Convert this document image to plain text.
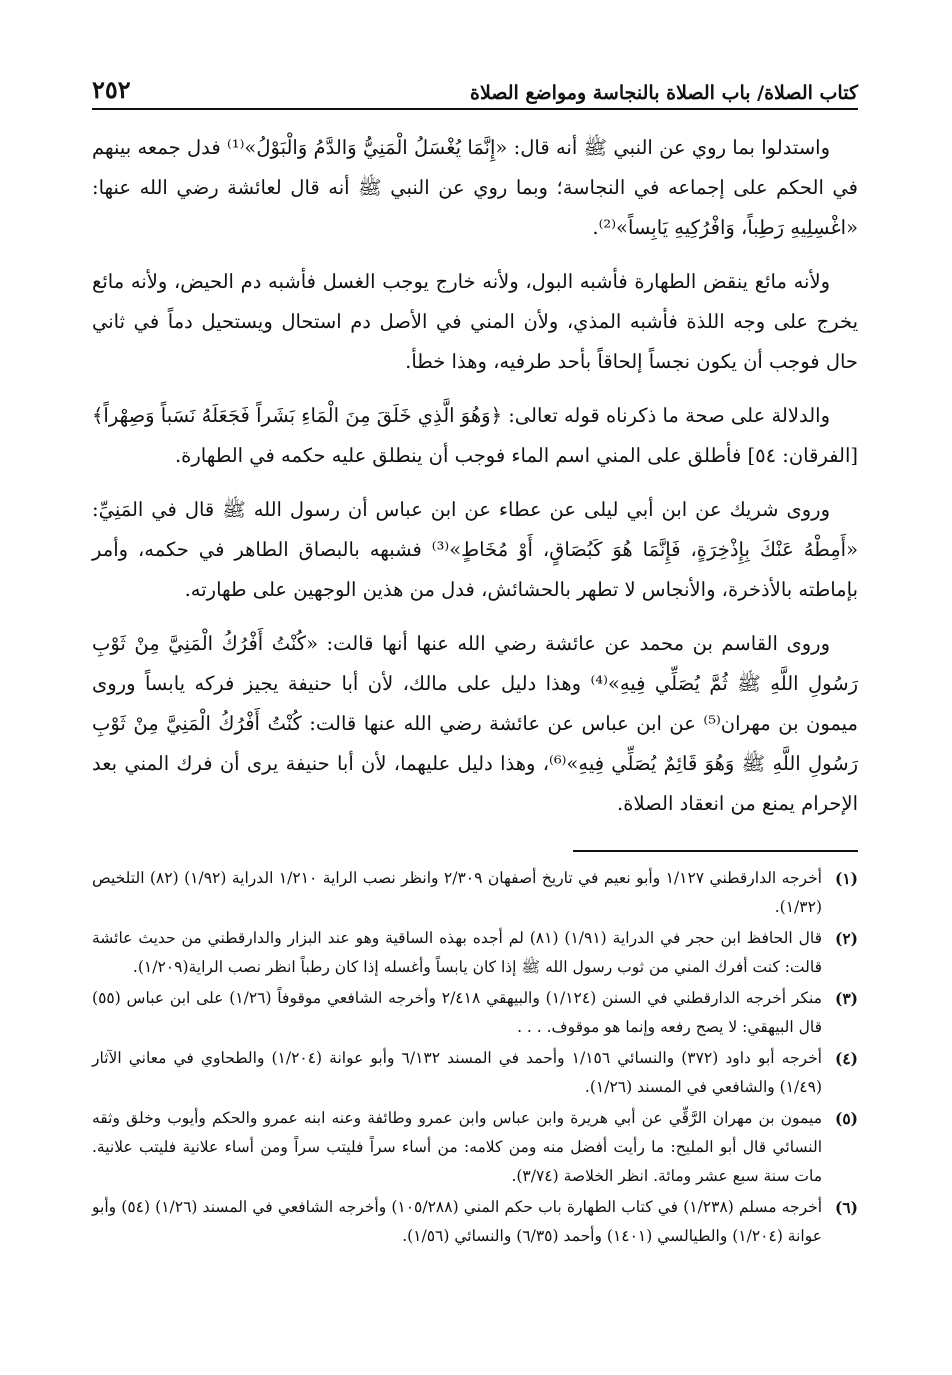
كتاب الصلاة/ باب الصلاة بالنجاسة ومواضع الصلاة
٢٥٢

واستدلوا بما روي عن النبي ﷺ أنه قال: «إِنَّمَا يُغْسَلُ الْمَنِيُّ وَالدَّمُ وَالْبَوْلُ»⁽¹⁾ فدل جمعه بينهم في الحكم على إجماعه في النجاسة؛ وبما روي عن النبي ﷺ أنه قال لعائشة رضي الله عنها: «اغْسِلِيهِ رَطِباً، وَافْرُكِيهِ يَابِساً»⁽²⁾.

ولأنه مائع ينقض الطهارة فأشبه البول، ولأنه خارج يوجب الغسل فأشبه دم الحيض، ولأنه مائع يخرج على وجه اللذة فأشبه المذي، ولأن المني في الأصل دم استحال ويستحيل دماً في ثاني حال فوجب أن يكون نجساً إلحاقاً بأحد طرفيه، وهذا خطأ.

والدلالة على صحة ما ذكرناه قوله تعالى: ﴿وَهُوَ الَّذِي خَلَقَ مِنَ الْمَاءِ بَشَراً فَجَعَلَهُ نَسَباً وَصِهْراً﴾ [الفرقان: ٥٤] فأطلق على المني اسم الماء فوجب أن ينطلق عليه حكمه في الطهارة.

وروى شريك عن ابن أبي ليلى عن عطاء عن ابن عباس أن رسول الله ﷺ قال في المَنِيِّ: «أَمِطْهُ عَنْكَ بِإِذْخِرَةٍ، فَإِنَّمَا هُوَ كَبُصَاقٍ، أَوْ مُخَاطٍ»⁽³⁾ فشبهه بالبصاق الطاهر في حكمه، وأمر بإماطته بالأذخرة، والأنجاس لا تطهر بالحشائش، فدل من هذين الوجهين على طهارته.

وروى القاسم بن محمد عن عائشة رضي الله عنها أنها قالت: «كُنْتُ أَفْرُكُ الْمَنِيَّ مِنْ ثَوْبِ رَسُولِ اللَّهِ ﷺ ثُمَّ يُصَلِّي فِيهِ»⁽⁴⁾ وهذا دليل على مالك، لأن أبا حنيفة يجيز فركه يابساً وروى ميمون بن مهران⁽⁵⁾ عن ابن عباس عن عائشة رضي الله عنها قالت: كُنْتُ أَفْرُكُ الْمَنِيَّ مِنْ ثَوْبِ رَسُولِ اللَّهِ ﷺ وَهُوَ قَائِمٌ يُصَلِّي فِيهِ»⁽⁶⁾، وهذا دليل عليهما، لأن أبا حنيفة يرى أن فرك المني بعد الإحرام يمنع من انعقاد الصلاة.

(١)
أخرجه الدارقطني ١/١٢٧ وأبو نعيم في تاريخ أصفهان ٢/٣٠٩ وانظر نصب الراية ١/٢١٠ الدراية (١/٩٢) (٨٢) التلخيص (١/٣٢).
(٢)
قال الحافظ ابن حجر في الدراية (١/٩١) (٨١) لم أجده بهذه الساقية وهو عند البزار والدارقطني من حديث عائشة قالت: كنت أفرك المني من ثوب رسول الله ﷺ إذا كان يابساً وأغسله إذا كان رطباً انظر نصب الراية(١/٢٠٩).
(٣)
منكر أخرجه الدارقطني في السنن (١/١٢٤) والبيهقي ٢/٤١٨ وأخرجه الشافعي موقوفاً (١/٢٦) على ابن عباس (٥٥) قال البيهقي: لا يصح رفعه وإنما هو موقوف. . . .
(٤)
أخرجه أبو داود (٣٧٢) والنسائي ١/١٥٦ وأحمد في المسند ٦/١٣٢ وأبو عوانة (١/٢٠٤) والطحاوي في معاني الآثار (١/٤٩) والشافعي في المسند (١/٢٦).
(٥)
ميمون بن مهران الرَّقِّي عن أبي هريرة وابن عباس وابن عمرو وطائفة وعنه ابنه عمرو والحكم وأيوب وخلق وثقه النسائي قال أبو المليح: ما رأيت أفضل منه ومن كلامه: من أساء سراً فليتب سراً ومن أساء علانية فليتب علانية. مات سنة سبع عشر ومائة. انظر الخلاصة (٣/٧٤).
(٦)
أخرجه مسلم (١/٢٣٨) في كتاب الطهارة باب حكم المني (١٠٥/٢٨٨) وأخرجه الشافعي في المسند (١/٢٦) (٥٤) وأبو عوانة (١/٢٠٤) والطيالسي (١٤٠١) وأحمد (٦/٣٥) والنسائي (١/٥٦).
